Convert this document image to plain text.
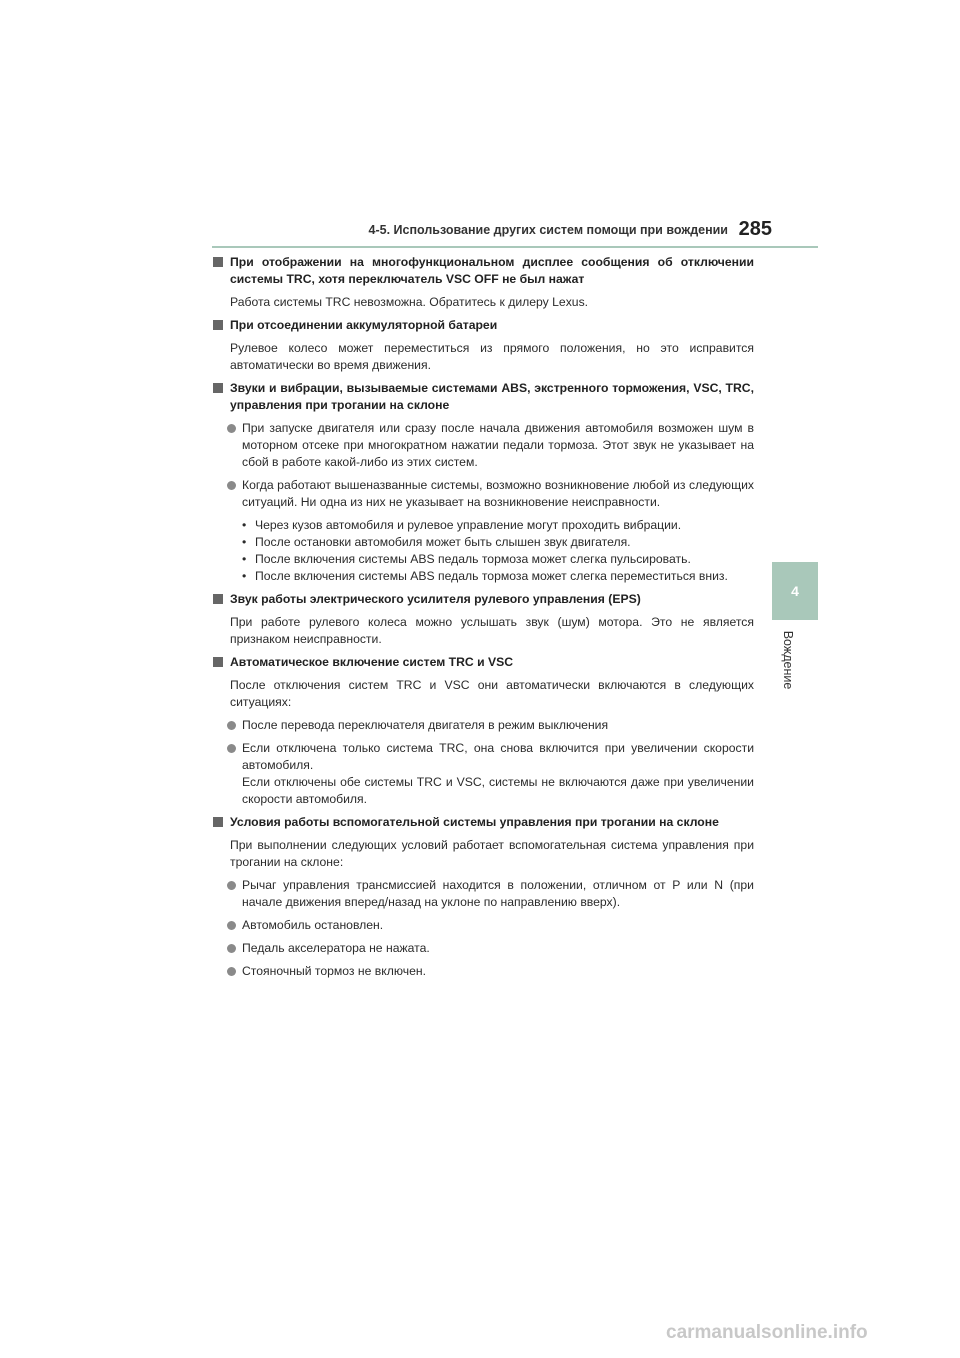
4-5. Использование других систем помощи при вождении 285
4
Вождение
При отображении на многофункциональном дисплее сообщения об отключении системы TRC, хотя переключатель VSC OFF не был нажат
Работа системы TRC невозможна. Обратитесь к дилеру Lexus.
При отсоединении аккумуляторной батареи
Рулевое колесо может переместиться из прямого положения, но это исправится автоматически во время движения.
Звуки и вибрации, вызываемые системами ABS, экстренного торможения, VSC, TRC, управления при трогании на склоне
При запуске двигателя или сразу после начала движения автомобиля возможен шум в моторном отсеке при многократном нажатии педали тормоза. Этот звук не указывает на сбой в работе какой-либо из этих систем.
Когда работают вышеназванные системы, возможно возникновение любой из следующих ситуаций. Ни одна из них не указывает на возникновение неисправности.
• Через кузов автомобиля и рулевое управление могут проходить вибрации.
• После остановки автомобиля может быть слышен звук двигателя.
• После включения системы ABS педаль тормоза может слегка пульсировать.
• После включения системы ABS педаль тормоза может слегка переместиться вниз.
Звук работы электрического усилителя рулевого управления (EPS)
При работе рулевого колеса можно услышать звук (шум) мотора. Это не является признаком неисправности.
Автоматическое включение систем TRC и VSC
После отключения систем TRC и VSC они автоматически включаются в следующих ситуациях:
После перевода переключателя двигателя в режим выключения
Если отключена только система TRC, она снова включится при увеличении скорости автомобиля.
Если отключены обе системы TRC и VSC, системы не включаются даже при увеличении скорости автомобиля.
Условия работы вспомогательной системы управления при трогании на склоне
При выполнении следующих условий работает вспомогательная система управления при трогании на склоне:
Рычаг управления трансмиссией находится в положении, отличном от P или N (при начале движения вперед/назад на уклоне по направлению вверх).
Автомобиль остановлен.
Педаль акселератора не нажата.
Стояночный тормоз не включен.
carmanualsonline.info
